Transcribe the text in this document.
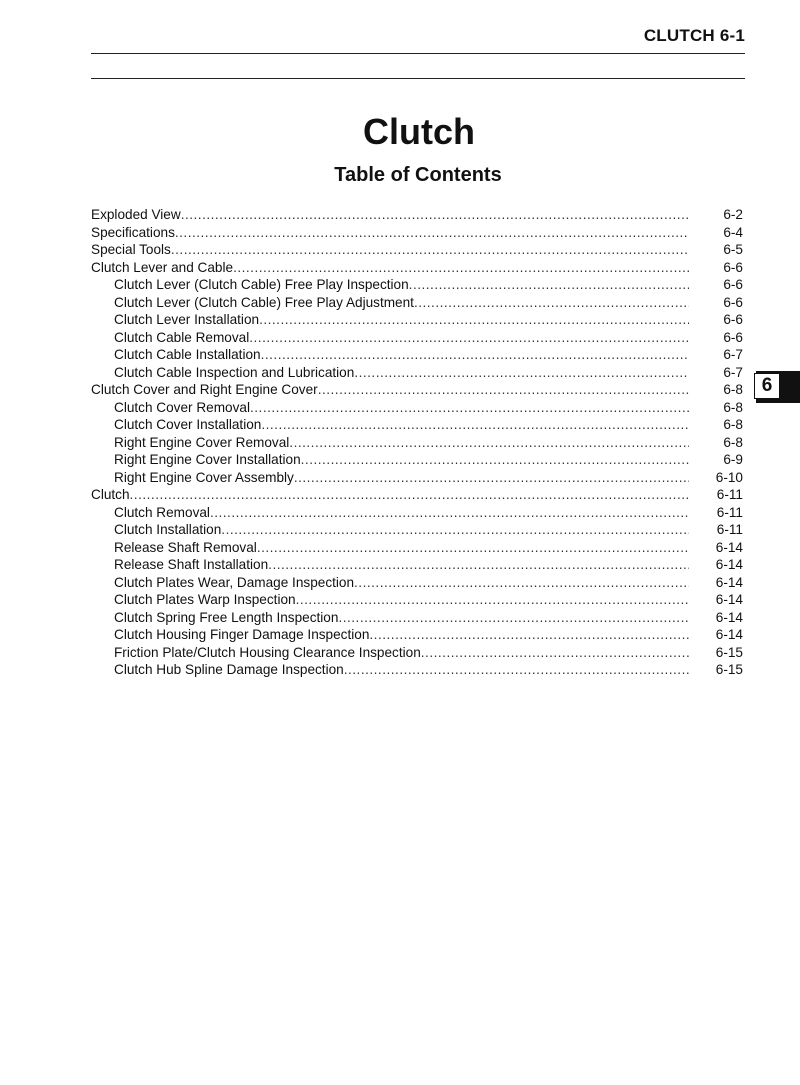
CLUTCH 6-1
Clutch
Table of Contents
Exploded View .....	6-2
Specifications .....	6-4
Special Tools .....	6-5
Clutch Lever and Cable .....	6-6
Clutch Lever (Clutch Cable) Free Play Inspection .....	6-6
Clutch Lever (Clutch Cable) Free Play Adjustment .....	6-6
Clutch Lever Installation .....	6-6
Clutch Cable Removal .....	6-6
Clutch Cable Installation .....	6-7
Clutch Cable Inspection and Lubrication .....	6-7
Clutch Cover and Right Engine Cover .....	6-8
Clutch Cover Removal .....	6-8
Clutch Cover Installation .....	6-8
Right Engine Cover Removal .....	6-8
Right Engine Cover Installation .....	6-9
Right Engine Cover Assembly .....	6-10
Clutch .....	6-11
Clutch Removal .....	6-11
Clutch Installation .....	6-11
Release Shaft Removal .....	6-14
Release Shaft Installation .....	6-14
Clutch Plates Wear, Damage Inspection .....	6-14
Clutch Plates Warp Inspection .....	6-14
Clutch Spring Free Length Inspection .....	6-14
Clutch Housing Finger Damage Inspection .....	6-14
Friction Plate/Clutch Housing Clearance Inspection .....	6-15
Clutch Hub Spline Damage Inspection .....	6-15
6
